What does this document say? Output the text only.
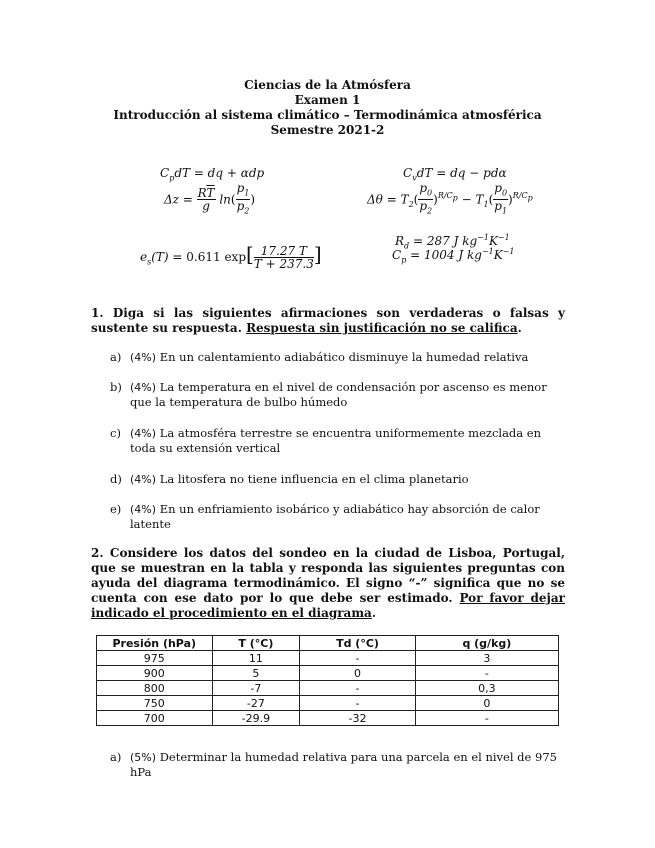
Ciencias de la Atmósfera
Examen 1
Introducción al sistema climático – Termodinámica atmosférica
Semestre 2021-2
$C_pdT$ = dq + αdp
$\Delta z = \frac{R\overline{T}}{g} \ln( \frac{p_1}{p_2}$ )
$e_s(T) = 0.611$ $\exp[ \frac{17.27 T}{T + 237.3}$ ]
$C_vdT$ = dq − pdα
$\Delta\theta = T_2( \frac{p_0}{p_2} )^{R/C_p} - T_1( \frac{p_0}{p_1} )^{R/C_p}$
$R_d = 287$ J $kg^{-1}K^{-1}$
$C_p = 1004$ J $kg^{-1}K^{-1}$
1. Diga si las siguientes afirmaciones son verdaderas o falsas y sustente su respuesta. Respuesta sin justificación no se califica.
a) (4%) En un calentamiento adiabático disminuye la humedad relativa
b) (4%) La temperatura en el nivel de condensación por ascenso es menor que la temperatura de bulbo húmedo
c) (4%) La atmosféra terrestre se encuentra uniformemente mezclada en toda su extensión vertical
d) (4%) La litosfera no tiene influencia en el clima planetario
e) (4%) En un enfriamiento isobárico y adiabático hay absorción de calor latente
2. Considere los datos del sondeo en la ciudad de Lisboa, Portugal, que se muestran en la tabla y responda las siguientes preguntas con ayuda del diagrama termodinámico. El signo “-” significa que no se cuenta con ese dato por lo que debe ser estimado. Por favor dejar indicado el procedimiento en el diagrama.
Presión (hPa)	T (°C)	Td (°C)	q (g/kg)
975	11	-	3
900	5	0	-
800	-7	-	0,3
750	-27	-	0
700	-29.9	-32	-
a) (5%) Determinar la humedad relativa para una parcela en el nivel de 975 hPa
